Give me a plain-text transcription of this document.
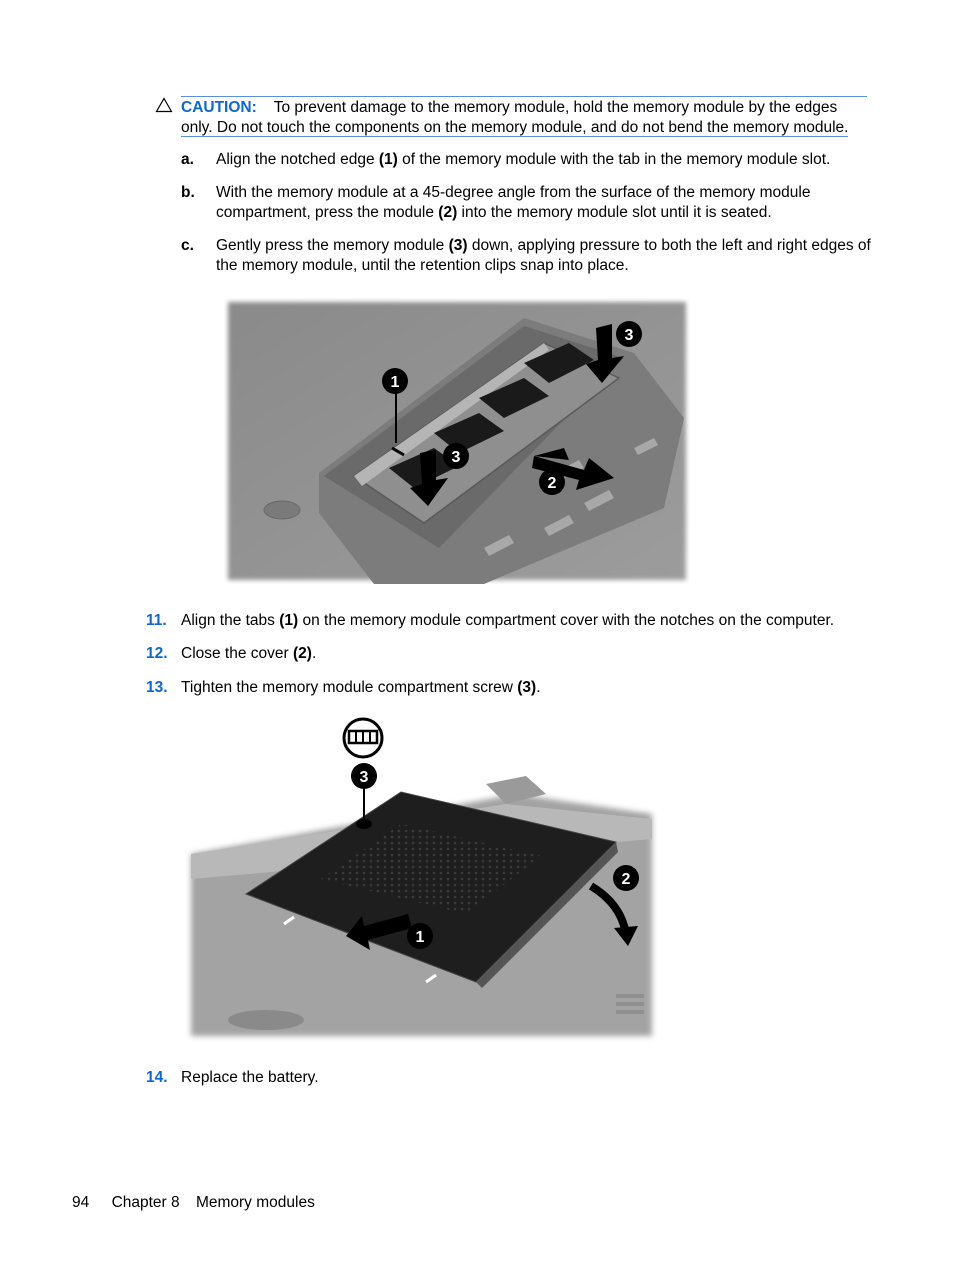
CAUTION: To prevent damage to the memory module, hold the memory module by the edges
only. Do not touch the components on the memory module, and do not bend the memory module.
a. Align the notched edge (1) of the memory module with the tab in the memory module slot.
b. With the memory module at a 45-degree angle from the surface of the memory module compartment, press the module (2) into the memory module slot until it is seated.
c. Gently press the memory module (3) down, applying pressure to both the left and right edges of the memory module, until the retention clips snap into place.
1
3
3
2
11. Align the tabs (1) on the memory module compartment cover with the notches on the computer.
12. Close the cover (2).
13. Tighten the memory module compartment screw (3).
3
2
1
14. Replace the battery.
94 Chapter 8 Memory modules
